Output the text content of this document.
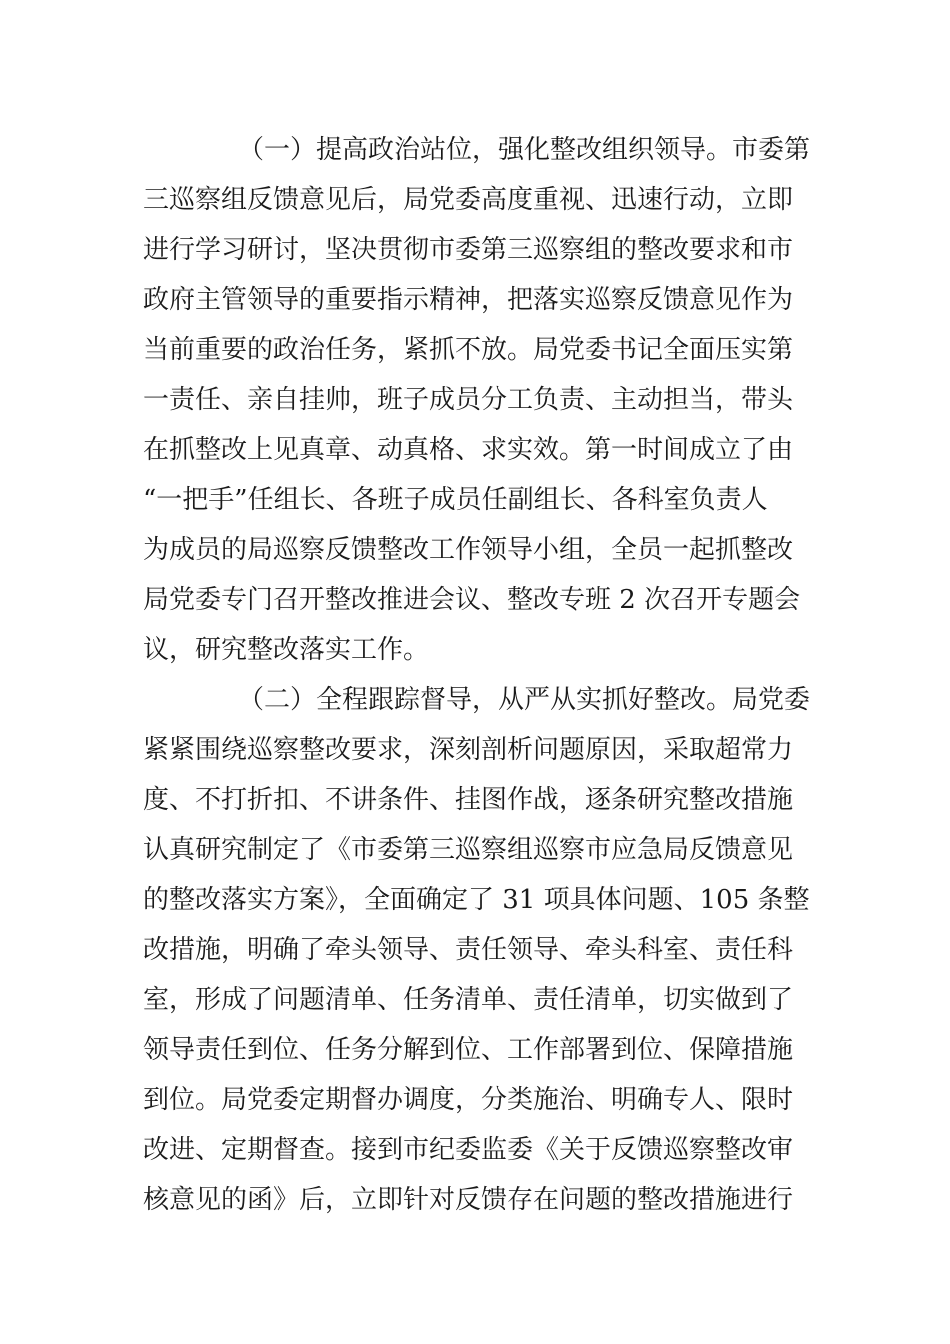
（一）提高政治站位，强化整改组织领导。市委第
三巡察组反馈意见后，局党委高度重视、迅速行动，立即
进行学习研讨，坚决贯彻市委第三巡察组的整改要求和市
政府主管领导的重要指示精神，把落实巡察反馈意见作为
当前重要的政治任务，紧抓不放。局党委书记全面压实第
一责任、亲自挂帅，班子成员分工负责、主动担当，带头
在抓整改上见真章、动真格、求实效。第一时间成立了由
“一把手”任组长、各班子成员任副组长、各科室负责人
为成员的局巡察反馈整改工作领导小组，全员一起抓整改
局党委专门召开整改推进会议、整改专班 2 次召开专题会
议，研究整改落实工作。
（二）全程跟踪督导，从严从实抓好整改。局党委
紧紧围绕巡察整改要求，深刻剖析问题原因，采取超常力
度、不打折扣、不讲条件、挂图作战，逐条研究整改措施
认真研究制定了《市委第三巡察组巡察市应急局反馈意见
的整改落实方案》，全面确定了 31 项具体问题、105 条整
改措施，明确了牵头领导、责任领导、牵头科室、责任科
室，形成了问题清单、任务清单、责任清单，切实做到了
领导责任到位、任务分解到位、工作部署到位、保障措施
到位。局党委定期督办调度，分类施治、明确专人、限时
改进、定期督查。接到市纪委监委《关于反馈巡察整改审
核意见的函》后，立即针对反馈存在问题的整改措施进行
